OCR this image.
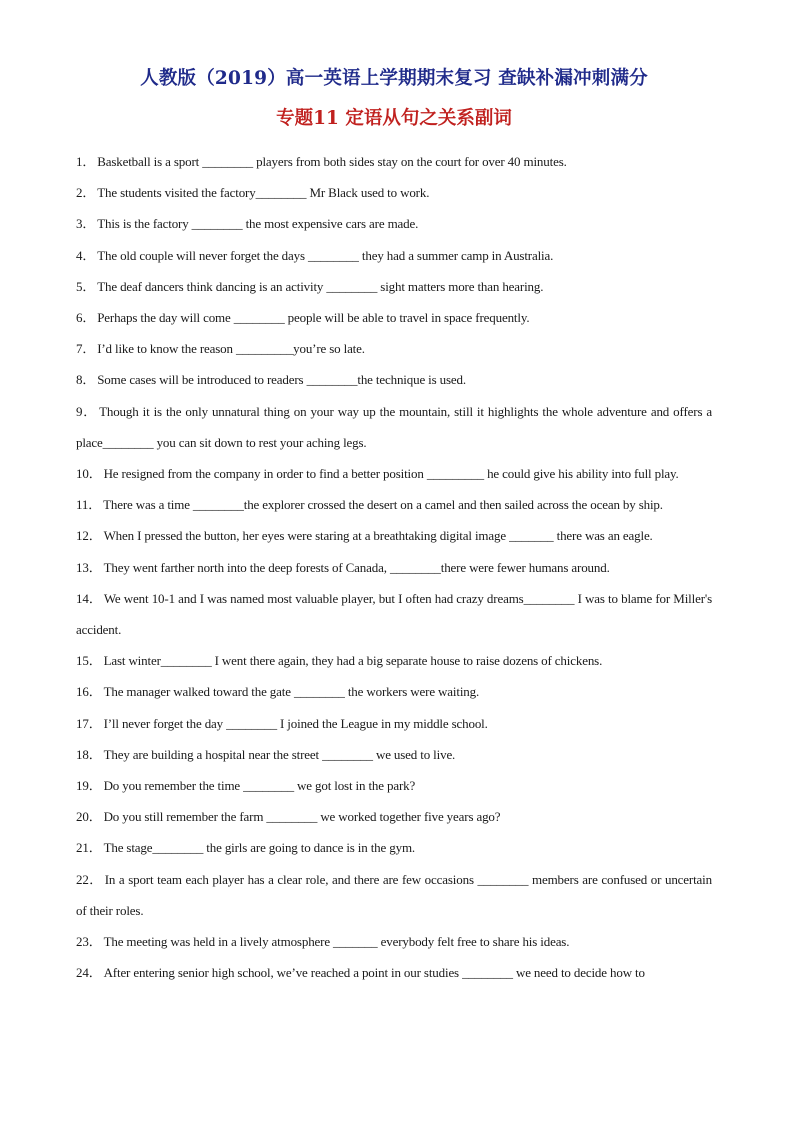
人教版（2019）高一英语上学期期末复习 查缺补漏冲刺满分
专题11 定语从句之关系副词

1． Basketball is a sport ________ players from both sides stay on the court for over 40 minutes.

2． The students visited the factory________ Mr Black used to work.

3． This is the factory ________ the most expensive cars are made.

4． The old couple will never forget the days ________ they had a summer camp in Australia.

5． The deaf dancers think dancing is an activity ________ sight matters more than hearing.

6． Perhaps the day will come ________ people will be able to travel in space frequently.

7． I’d like to know the reason _________you’re so late.

8． Some cases will be introduced to readers ________the technique is used.

9． Though it is the only unnatural thing on your way up the mountain, still it highlights the whole adventure and offers a place________ you can sit down to rest your aching legs.

10． He resigned from the company in order to find a better position _________ he could give his ability into full play.

11． There was a time ________the explorer crossed the desert on a camel and then sailed across the ocean by ship.

12． When I pressed the button, her eyes were staring at a breathtaking digital image _______ there was an eagle.

13． They went farther north into the deep forests of Canada, ________there were fewer humans around.

14． We went 10-1 and I was named most valuable player, but I often had crazy dreams________ I was to blame for Miller's accident.

15． Last winter________ I went there again, they had a big separate house to raise dozens of chickens.

16． The manager walked toward the gate ________ the workers were waiting.

17． I’ll never forget the day ________ I joined the League in my middle school.

18． They are building a hospital near the street ________ we used to live.

19． Do you remember the time ________ we got lost in the park?

20． Do you still remember the farm ________ we worked together five years ago?

21． The stage________ the girls are going to dance is in the gym.

22． In a sport team each player has a clear role, and there are few occasions ________ members are confused or uncertain of their roles.

23． The meeting was held in a lively atmosphere _______ everybody felt free to share his ideas.

24． After entering senior high school, we’ve reached a point in our studies ________ we need to decide how to
